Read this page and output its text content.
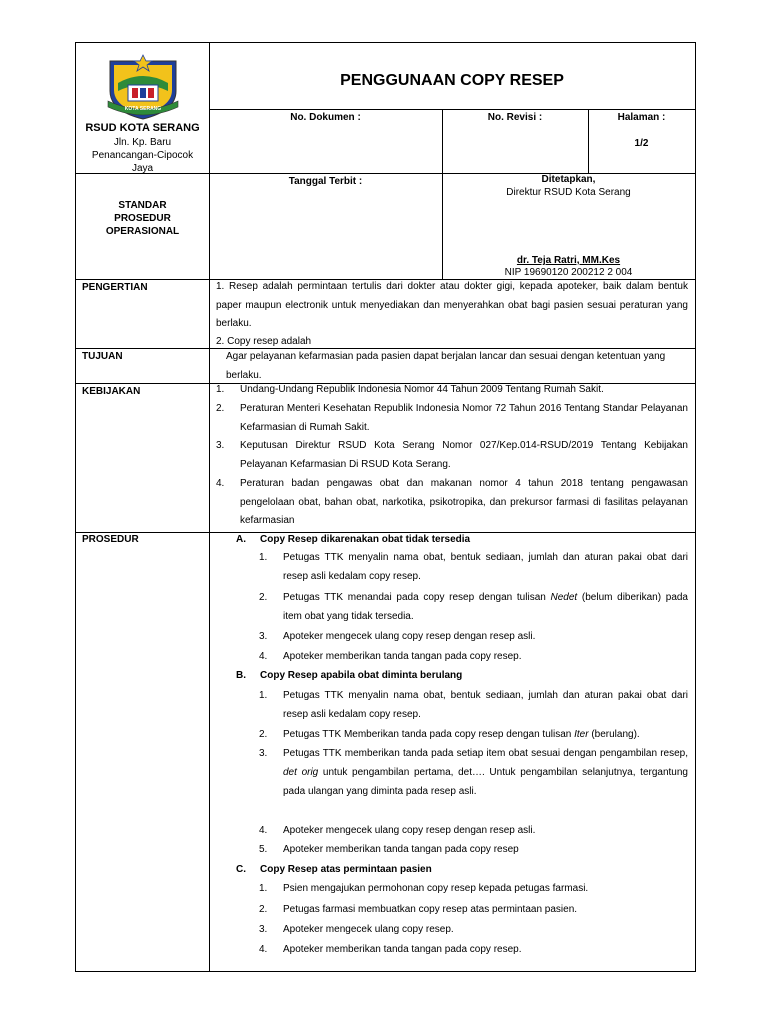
KOTA SERANG
PENGGUNAAN COPY RESEP
RSUD KOTA SERANG
Jln. Kp. Baru
Penancangan-Cipocok
Jaya
No. Dokumen :	No. Revisi :	Halaman :
1/2
STANDAR
PROSEDUR
OPERASIONAL
Tanggal Terbit :	Ditetapkan,
Direktur RSUD Kota Serang
dr. Teja Ratri, MM.Kes
NIP 19690120 200212 2 004
PENGERTIAN	1. Resep adalah permintaan tertulis dari dokter atau dokter gigi, kepada apoteker, baik dalam bentuk paper maupun electronik untuk menyediakan dan menyerahkan obat bagi pasien sesuai peraturan yang berlaku.
2. Copy resep adalah
TUJUAN	Agar pelayanan kefarmasian pada pasien dapat berjalan lancar dan sesuai dengan ketentuan yang berlaku.
KEBIJAKAN	1.	Undang-Undang Republik Indonesia Nomor 44 Tahun 2009 Tentang Rumah Sakit.
2.	Peraturan Menteri Kesehatan Republik Indonesia Nomor 72 Tahun 2016 Tentang Standar Pelayanan Kefarmasian di Rumah Sakit.
3.	Keputusan Direktur RSUD Kota Serang Nomor 027/Kep.014-RSUD/2019 Tentang Kebijakan Pelayanan Kefarmasian Di RSUD Kota Serang.
4.	Peraturan badan pengawas obat dan makanan nomor 4 tahun 2018 tentang pengawasan pengelolaan obat, bahan obat, narkotika, psikotropika, dan prekursor farmasi di fasilitas pelayanan kefarmasian
PROSEDUR	A.	Copy Resep dikarenakan obat tidak tersedia
1.	Petugas TTK menyalin nama obat, bentuk sediaan, jumlah dan aturan pakai obat dari resep asli kedalam copy resep.
2.	Petugas TTK menandai pada copy resep dengan tulisan Nedet (belum diberikan) pada item obat yang tidak tersedia.
3.	Apoteker mengecek ulang copy resep dengan resep asli.
4.	Apoteker memberikan tanda tangan pada copy resep.
B.	Copy Resep apabila obat diminta berulang
1.	Petugas TTK menyalin nama obat, bentuk sediaan, jumlah dan aturan pakai obat dari resep asli kedalam copy resep.
2.	Petugas TTK Memberikan tanda pada copy resep dengan tulisan Iter (berulang).
3.	Petugas TTK memberikan tanda pada setiap item obat sesuai dengan pengambilan resep, det orig untuk pengambilan pertama, det…. Untuk pengambilan selanjutnya, tergantung pada ulangan yang diminta pada resep asli.
4.	Apoteker mengecek ulang copy resep dengan resep asli.
5.	Apoteker memberikan tanda tangan pada copy resep
C.	Copy Resep atas permintaan pasien
1.	Psien mengajukan permohonan copy resep kepada petugas farmasi.
2.	Petugas farmasi membuatkan copy resep atas permintaan pasien.
3.	Apoteker mengecek ulang copy resep.
4.	Apoteker memberikan tanda tangan pada copy resep.
